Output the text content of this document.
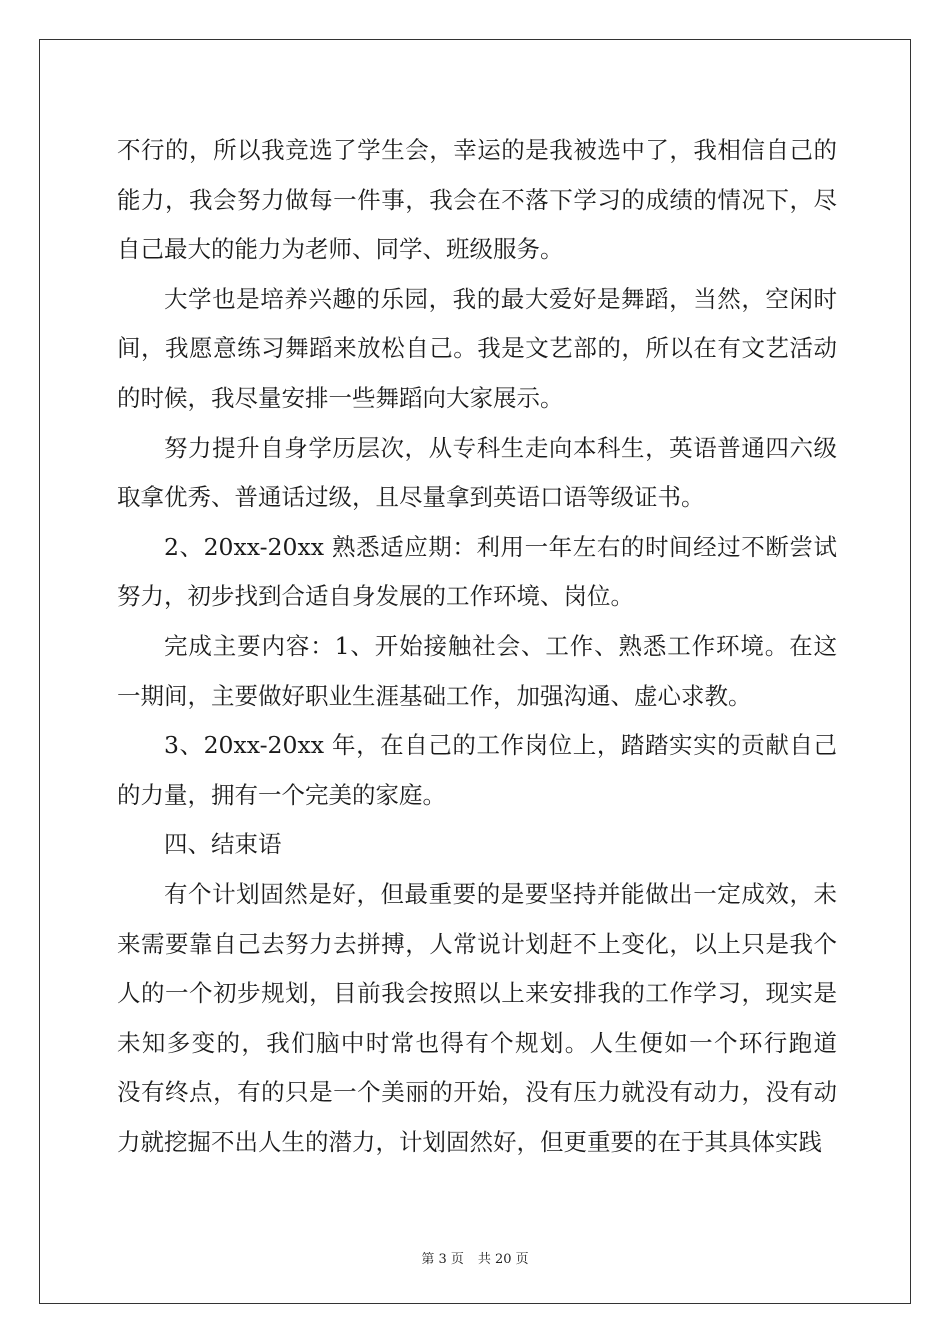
不行的，所以我竞选了学生会，幸运的是我被选中了，我相信自己的
能力，我会努力做每一件事，我会在不落下学习的成绩的情况下，尽
自己最大的能力为老师、同学、班级服务。
大学也是培养兴趣的乐园，我的最大爱好是舞蹈，当然，空闲时
间，我愿意练习舞蹈来放松自己。我是文艺部的，所以在有文艺活动
的时候，我尽量安排一些舞蹈向大家展示。
努力提升自身学历层次，从专科生走向本科生，英语普通四六级
取拿优秀、普通话过级，且尽量拿到英语口语等级证书。
2、20xx-20xx 熟悉适应期：利用一年左右的时间经过不断尝试
努力，初步找到合适自身发展的工作环境、岗位。
完成主要内容：1、开始接触社会、工作、熟悉工作环境。在这
一期间，主要做好职业生涯基础工作，加强沟通、虚心求教。
3、20xx-20xx 年，在自己的工作岗位上，踏踏实实的贡献自己
的力量，拥有一个完美的家庭。
四、结束语
有个计划固然是好，但最重要的是要坚持并能做出一定成效，未
来需要靠自己去努力去拼搏，人常说计划赶不上变化，以上只是我个
人的一个初步规划，目前我会按照以上来安排我的工作学习，现实是
未知多变的，我们脑中时常也得有个规划。人生便如一个环行跑道
没有终点，有的只是一个美丽的开始，没有压力就没有动力，没有动
力就挖掘不出人生的潜力，计划固然好，但更重要的在于其具体实践
第 3 页 共 20 页
